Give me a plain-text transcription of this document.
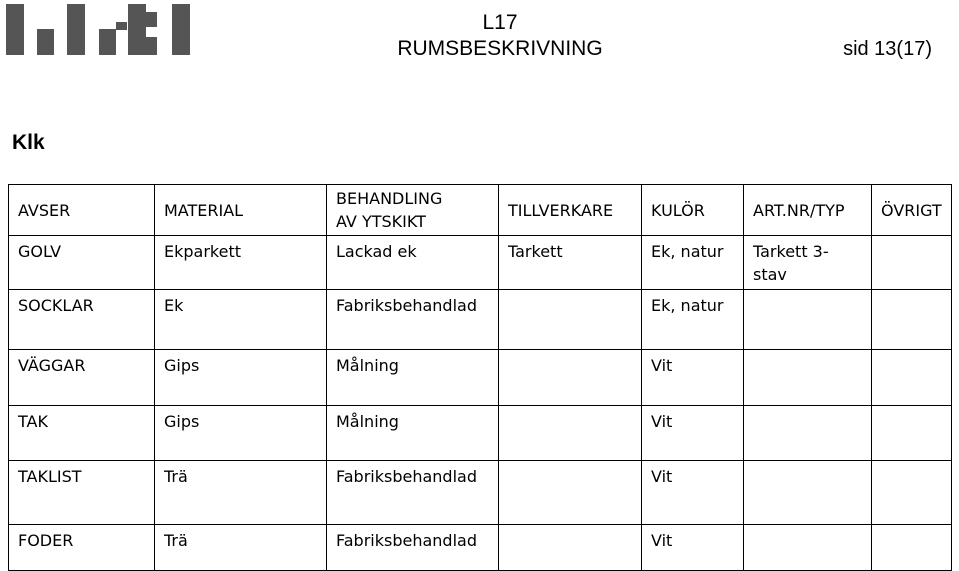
L17
RUMSBESKRIVNING	sid 13(17)
Klk
AVSER	MATERIAL	BEHANDLING AV YTSKIKT	TILLVERKARE	KULÖR	ART.NR/TYP	ÖVRIGT

GOLV	Ekparkett	Lackad ek	Tarkett	Ek, natur	Tarkett 3-stav	

SOCKLAR	Ek	Fabriksbehandlad		Ek, natur		

VÄGGAR	Gips	Målning		Vit		

TAK	Gips	Målning		Vit		

TAKLIST	Trä	Fabriksbehandlad		Vit		

FODER	Trä	Fabriksbehandlad		Vit		
